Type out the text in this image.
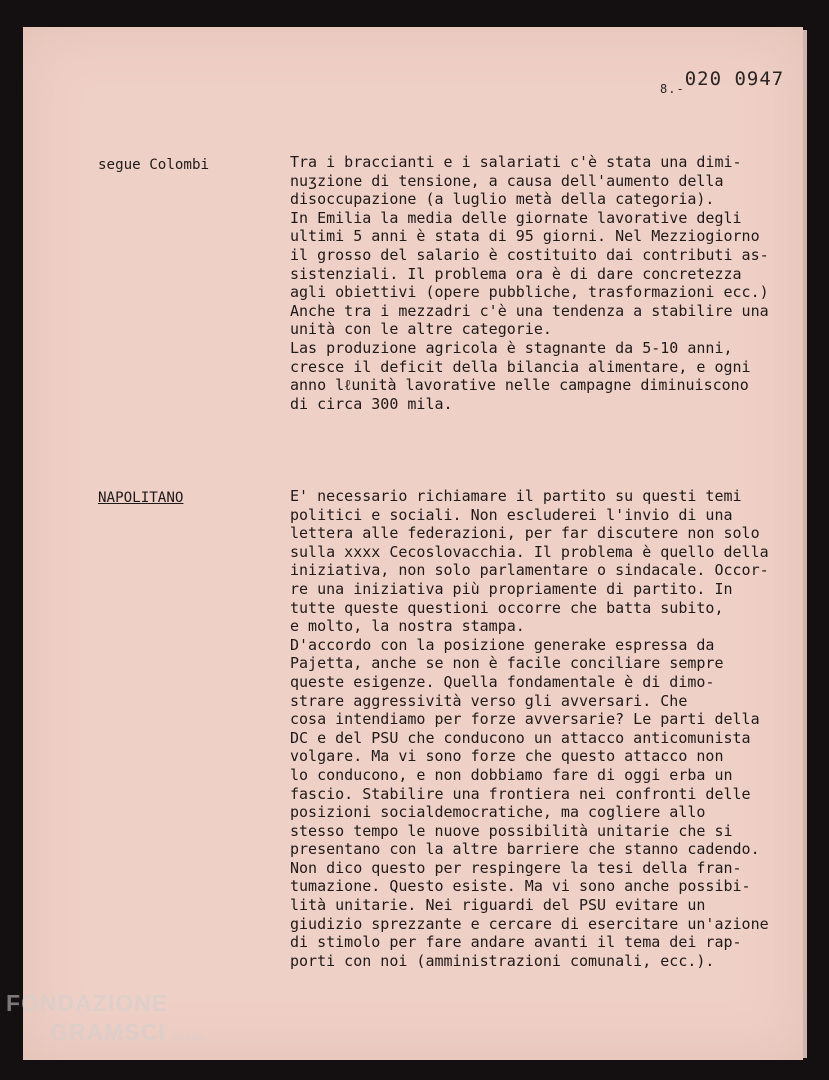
$_{8.-}$020 0947
segue Colombi	Tra i braccianti e i salariati c'è stata una dimi-
nuʒzione di tensione, a causa dell'aumento della
disoccupazione (a luglio metà della categoria).
In Emilia la media delle giornate lavorative degli
ultimi 5 anni è stata di 95 giorni. Nel Mezziogiorno
il grosso del salario è costituito dai contributi as-
sistenziali. Il problema ora è di dare concretezza
agli obiettivi (opere pubbliche, trasformazioni ecc.)
Anche tra i mezzadri c'è una tendenza a stabilire una
unità con le altre categorie.
Las produzione agricola è stagnante da 5-10 anni,
cresce il deficit della bilancia alimentare, e ogni
anno lℓunità lavorative nelle campagne diminuiscono
di circa 300 mila.
NAPOLITANO	E' necessario richiamare il partito su questi temi
politici e sociali. Non escluderei l'invio di una
lettera alle federazioni, per far discutere non solo
sulla xxxx Cecoslovacchia. Il problema è quello della
iniziativa, non solo parlamentare o sindacale. Occor-
re una iniziativa più propriamente di partito. In
tutte queste questioni occorre che batta subito,
e molto, la nostra stampa.
D'accordo con la posizione generake espressa da
Pajetta, anche se non è facile conciliare sempre
queste esigenze. Quella fondamentale è di dimo-
strare aggressività verso gli avversari. Che
cosa intendiamo per forze avversarie? Le parti della
DC e del PSU che conducono un attacco anticomunista
volgare. Ma vi sono forze che questo attacco non
lo conducono, e non dobbiamo fare di oggi erba un
fascio. Stabilire una frontiera nei confronti delle
posizioni socialdemocratiche, ma cogliere allo
stesso tempo le nuove possibilità unitarie che si
presentano con la altre barriere che stanno cadendo.
Non dico questo per respingere la tesi della fran-
tumazione. Questo esiste. Ma vi sono anche possibi-
lità unitarie. Nei riguardi del PSU evitare un
giudizio sprezzante e cercare di esercitare un'azione
di stimolo per fare andare avanti il tema dei rap-
porti con noi (amministrazioni comunali, ecc.).
FONDAZIONE
GRAMSCI online
